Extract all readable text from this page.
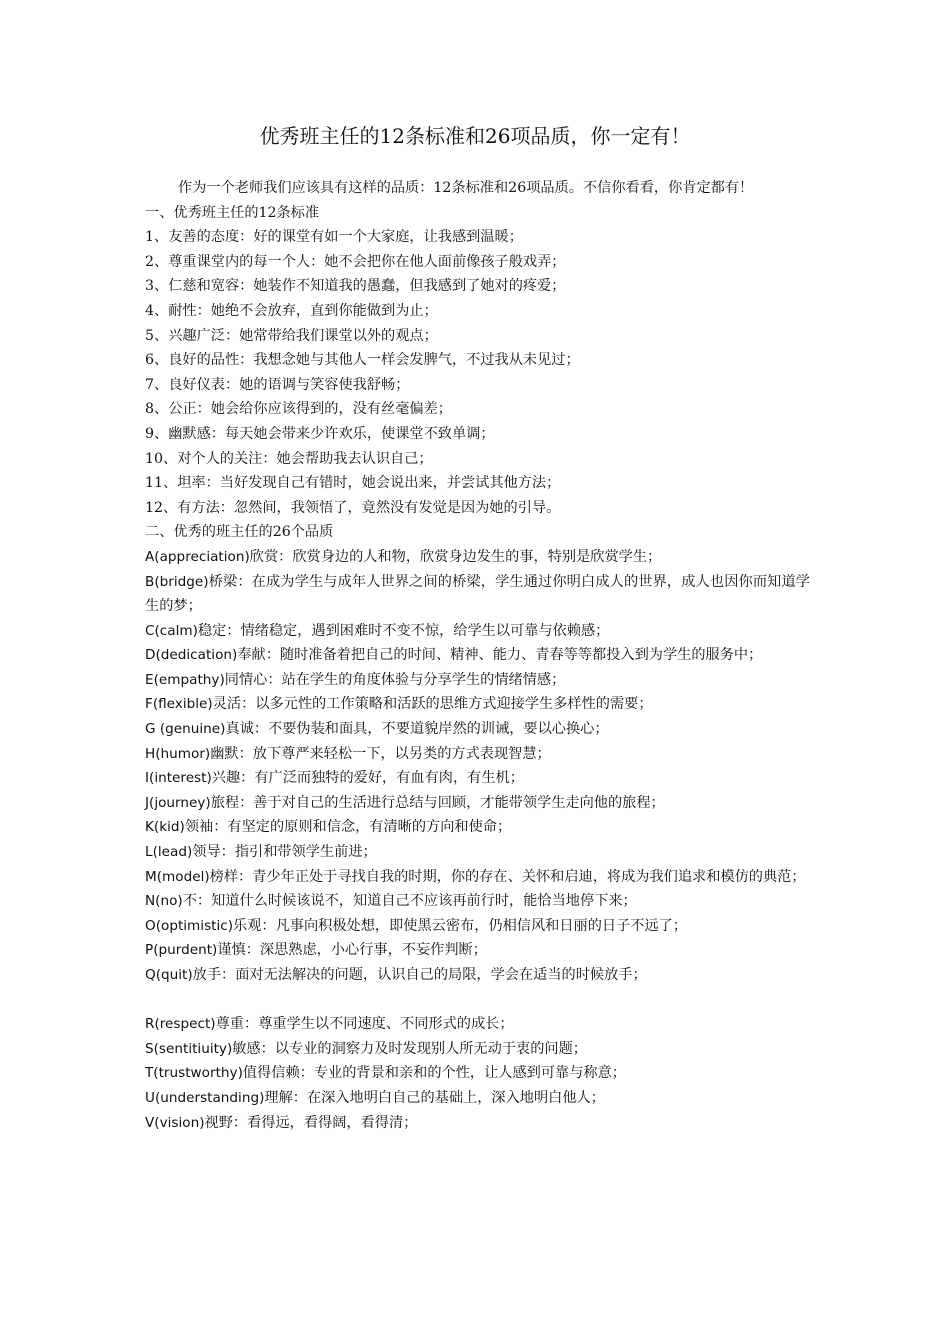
优秀班主任的12条标准和26项品质，你一定有！

作为一个老师我们应该具有这样的品质：12条标准和26项品质。不信你看看，你肯定都有！

一、优秀班主任的12条标准

1、友善的态度：好的课堂有如一个大家庭，让我感到温暖；

2、尊重课堂内的每一个人：她不会把你在他人面前像孩子般戏弄；

3、仁慈和宽容：她装作不知道我的愚蠢，但我感到了她对的疼爱；

4、耐性：她绝不会放弃，直到你能做到为止；

5、兴趣广泛：她常带给我们课堂以外的观点；

6、良好的品性：我想念她与其他人一样会发脾气，不过我从未见过；

7、良好仪表：她的语调与笑容使我舒畅；

8、公正：她会给你应该得到的，没有丝毫偏差；

9、幽默感：每天她会带来少许欢乐，使课堂不致单调；

10、对个人的关注：她会帮助我去认识自己；

11、坦率：当好发现自己有错时，她会说出来，并尝试其他方法；

12、有方法：忽然间，我领悟了，竟然没有发觉是因为她的引导。

二、优秀的班主任的26个品质

A(appreciation)欣赏：欣赏身边的人和物，欣赏身边发生的事，特别是欣赏学生；

B(bridge)桥梁：在成为学生与成年人世界之间的桥梁，学生通过你明白成人的世界，成人也因你而知道学生的梦；

C(calm)稳定：情绪稳定，遇到困难时不变不惊，给学生以可靠与依赖感；

D(dedication)奉献：随时准备着把自己的时间、精神、能力、青春等等都投入到为学生的服务中；

E(empathy)同情心：站在学生的角度体验与分享学生的情绪情感；

F(flexible)灵活：以多元性的工作策略和活跃的思维方式迎接学生多样性的需要；

G (genuine)真诚：不要伪装和面具，不要道貌岸然的训诫，要以心换心；

H(humor)幽默：放下尊严来轻松一下，以另类的方式表现智慧；

I(interest)兴趣：有广泛而独特的爱好，有血有肉，有生机；

J(journey)旅程：善于对自己的生活进行总结与回顾，才能带领学生走向他的旅程；

K(kid)领袖：有坚定的原则和信念，有清晰的方向和使命；

L(lead)领导：指引和带领学生前进；

M(model)榜样：青少年正处于寻找自我的时期，你的存在、关怀和启迪，将成为我们追求和模仿的典范；

N(no)不：知道什么时候该说不，知道自己不应该再前行时，能恰当地停下来；

O(optimistic)乐观：凡事向积极处想，即使黑云密布，仍相信风和日丽的日子不远了；

P(purdent)谨慎：深思熟虑，小心行事，不妄作判断；

Q(quit)放手：面对无法解决的问题，认识自己的局限，学会在适当的时候放手；

R(respect)尊重：尊重学生以不同速度、不同形式的成长；

S(sentitiuity)敏感：以专业的洞察力及时发现别人所无动于衷的问题；

T(trustworthy)值得信赖：专业的背景和亲和的个性，让人感到可靠与称意；

U(understanding)理解：在深入地明白自己的基础上，深入地明白他人；

V(vision)视野：看得远，看得阔，看得清；
